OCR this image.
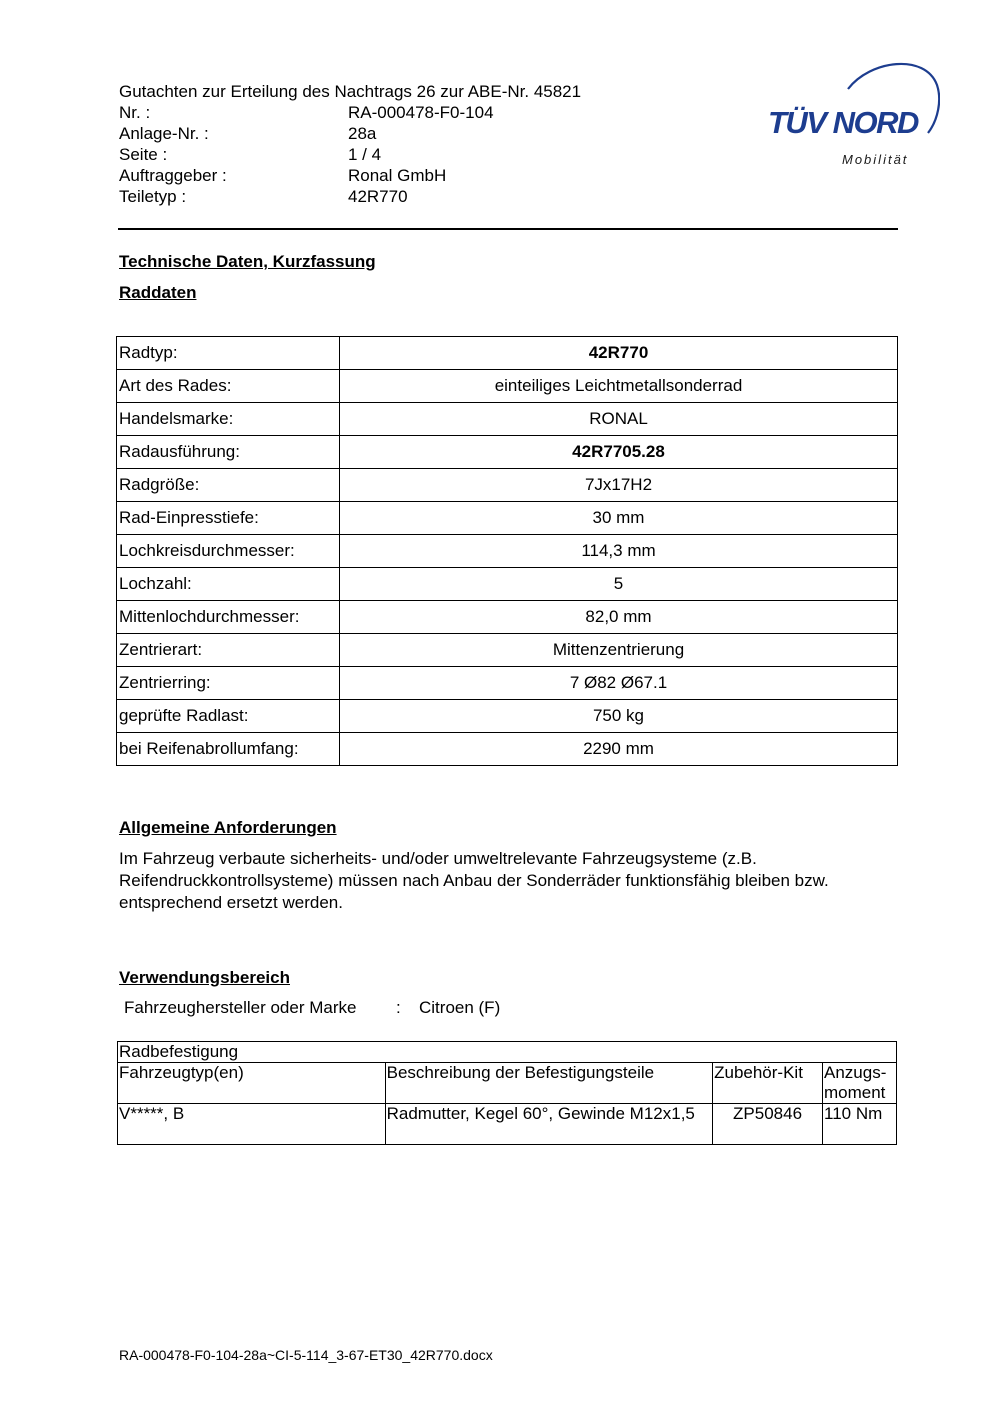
Gutachten zur Erteilung des Nachtrags 26 zur ABE-Nr. 45821
Nr. :	RA-000478-F0-104
Anlage-Nr. :	28a
Seite :	1 / 4
Auftraggeber :	Ronal GmbH
Teiletyp :	42R770
TÜV NORD
Mobilität
Technische Daten, Kurzfassung
Raddaten
Radtyp:	42R770
Art des Rades:	einteiliges Leichtmetallsonderrad
Handelsmarke:	RONAL
Radausführung:	42R7705.28
Radgröße:	7Jx17H2
Rad-Einpresstiefe:	30 mm
Lochkreisdurchmesser:	114,3 mm
Lochzahl:	5
Mittenlochdurchmesser:	82,0 mm
Zentrierart:	Mittenzentrierung
Zentrierring:	7 Ø82 Ø67.1
geprüfte Radlast:	750 kg
bei Reifenabrollumfang:	2290 mm
Allgemeine Anforderungen
Im Fahrzeug verbaute sicherheits- und/oder umweltrelevante Fahrzeugsysteme (z.B. Reifendruckkontrollsysteme) müssen nach Anbau der Sonderräder funktionsfähig bleiben bzw. entsprechend ersetzt werden.
Verwendungsbereich
Fahrzeughersteller oder Marke : Citroen (F)
Radbefestigung			
Fahrzeugtyp(en)	Beschreibung der Befestigungsteile	Zubehör-Kit	Anzugs-
moment
V*****, B	Radmutter, Kegel 60°, Gewinde M12x1,5	ZP50846	110 Nm
RA-000478-F0-104-28a~CI-5-114_3-67-ET30_42R770.docx
